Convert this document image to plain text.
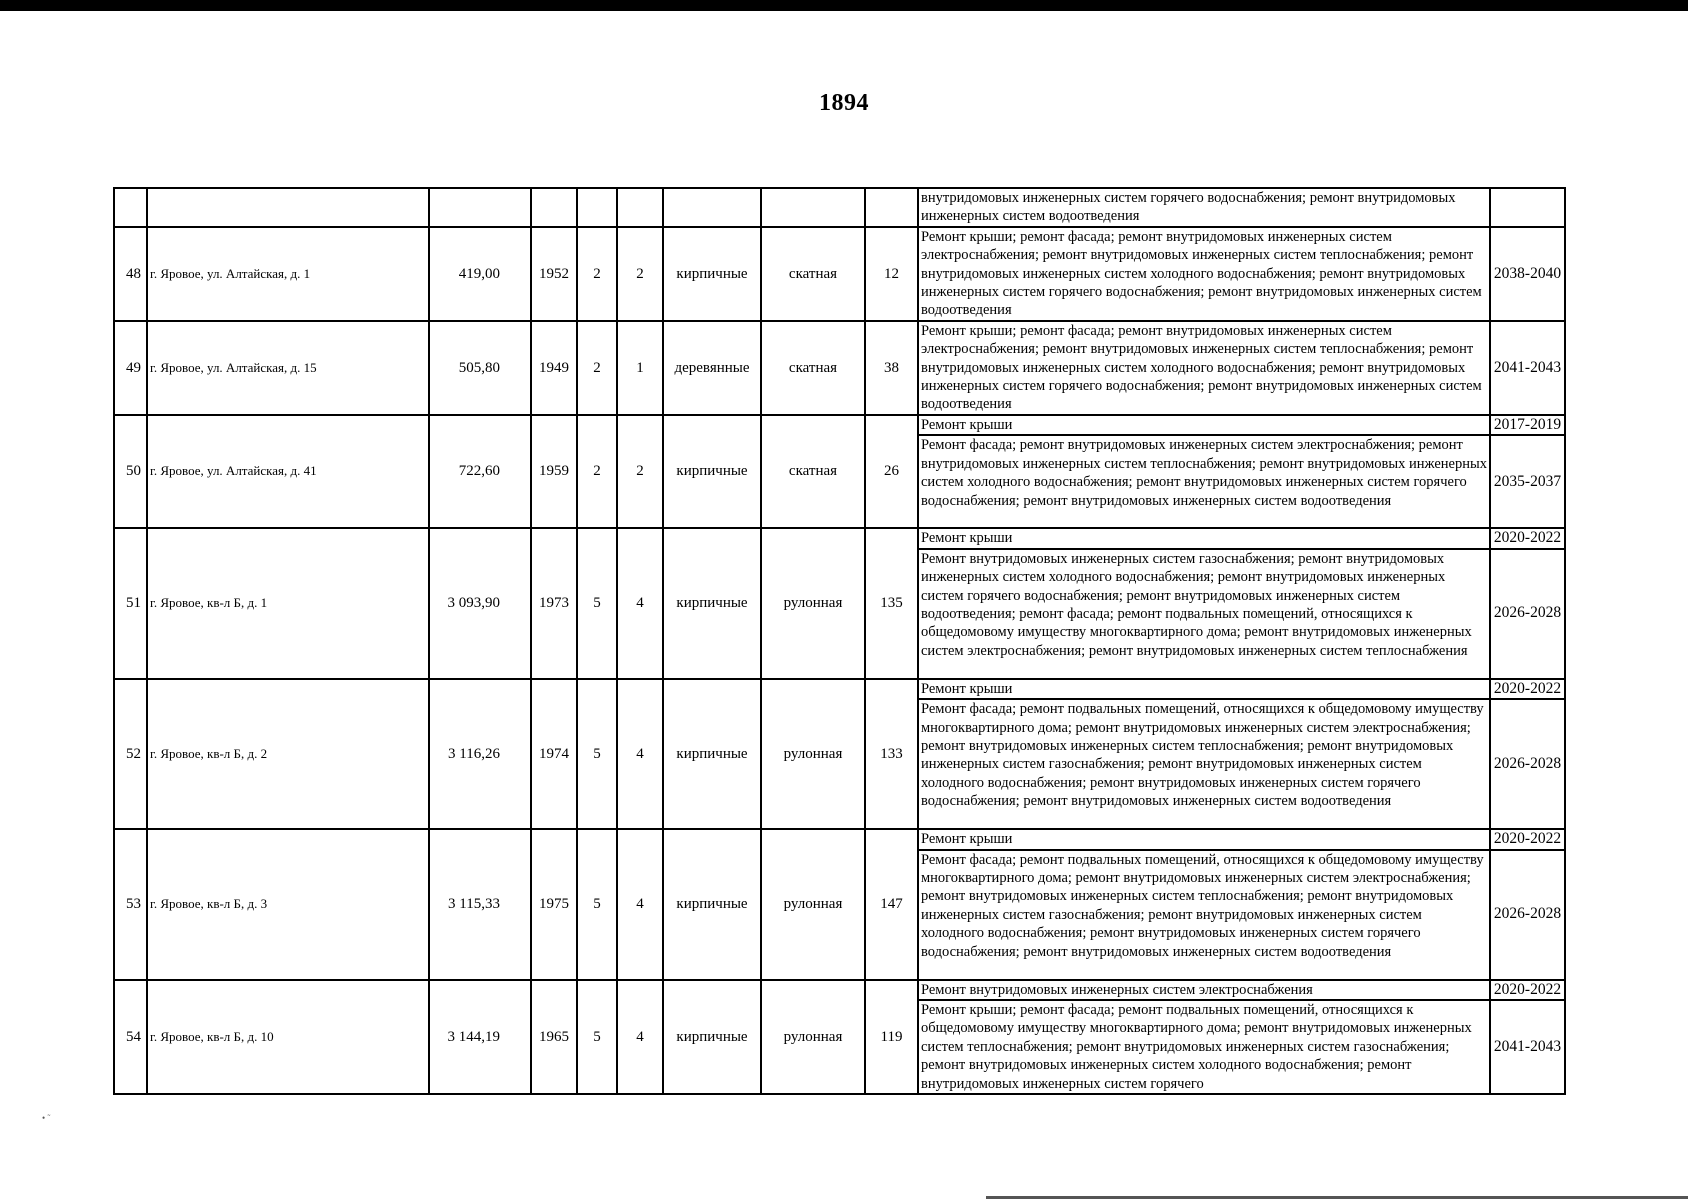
1894
									внутридомовых инженерных систем горячего водоснабжения; ремонт внутридомовых инженерных систем водоотведения	
48	г. Яровое, ул. Алтайская, д. 1	419,00	1952	2	2	кирпичные	скатная	12	Ремонт крыши; ремонт фасада; ремонт внутридомовых инженерных систем электроснабжения; ремонт внутридомовых инженерных систем теплоснабжения; ремонт внутридомовых инженерных систем холодного водоснабжения; ремонт внутридомовых инженерных систем горячего водоснабжения; ремонт внутридомовых инженерных систем водоотведения	2038-2040
49	г. Яровое, ул. Алтайская, д. 15	505,80	1949	2	1	деревянные	скатная	38	Ремонт крыши; ремонт фасада; ремонт внутридомовых инженерных систем электроснабжения; ремонт внутридомовых инженерных систем теплоснабжения; ремонт внутридомовых инженерных систем холодного водоснабжения; ремонт внутридомовых инженерных систем горячего водоснабжения; ремонт внутридомовых инженерных систем водоотведения	2041-2043
50	г. Яровое, ул. Алтайская, д. 41	722,60	1959	2	2	кирпичные	скатная	26	Ремонт крыши	2017-2019
									Ремонт фасада; ремонт внутридомовых инженерных систем электроснабжения; ремонт внутридомовых инженерных систем теплоснабжения; ремонт внутридомовых инженерных систем холодного водоснабжения; ремонт внутридомовых инженерных систем горячего водоснабжения; ремонт внутридомовых инженерных систем водоотведения	2035-2037
51	г. Яровое, кв-л Б, д. 1	3 093,90	1973	5	4	кирпичные	рулонная	135	Ремонт крыши	2020-2022
									Ремонт внутридомовых инженерных систем газоснабжения; ремонт внутридомовых инженерных систем холодного водоснабжения; ремонт внутридомовых инженерных систем горячего водоснабжения; ремонт внутридомовых инженерных систем водоотведения; ремонт фасада; ремонт подвальных помещений, относящихся к общедомовому имуществу многоквартирного дома; ремонт внутридомовых инженерных систем электроснабжения; ремонт внутридомовых инженерных систем теплоснабжения	2026-2028
52	г. Яровое, кв-л Б, д. 2	3 116,26	1974	5	4	кирпичные	рулонная	133	Ремонт крыши	2020-2022
									Ремонт фасада; ремонт подвальных помещений, относящихся к общедомовому имуществу многоквартирного дома; ремонт внутридомовых инженерных систем электроснабжения; ремонт внутридомовых инженерных систем теплоснабжения; ремонт внутридомовых инженерных систем газоснабжения; ремонт внутридомовых инженерных систем холодного водоснабжения; ремонт внутридомовых инженерных систем горячего водоснабжения; ремонт внутридомовых инженерных систем водоотведения	2026-2028
53	г. Яровое, кв-л Б, д. 3	3 115,33	1975	5	4	кирпичные	рулонная	147	Ремонт крыши	2020-2022
									Ремонт фасада; ремонт подвальных помещений, относящихся к общедомовому имуществу многоквартирного дома; ремонт внутридомовых инженерных систем электроснабжения; ремонт внутридомовых инженерных систем теплоснабжения; ремонт внутридомовых инженерных систем газоснабжения; ремонт внутридомовых инженерных систем холодного водоснабжения; ремонт внутридомовых инженерных систем горячего водоснабжения; ремонт внутридомовых инженерных систем водоотведения	2026-2028
54	г. Яровое, кв-л Б, д. 10	3 144,19	1965	5	4	кирпичные	рулонная	119	Ремонт внутридомовых инженерных систем электроснабжения	2020-2022
									Ремонт крыши; ремонт фасада; ремонт подвальных помещений, относящихся к общедомовому имуществу многоквартирного дома; ремонт внутридомовых инженерных систем теплоснабжения; ремонт внутридомовых инженерных систем газоснабжения; ремонт внутридомовых инженерных систем холодного водоснабжения; ремонт внутридомовых инженерных систем горячего	2041-2043
• ˜
